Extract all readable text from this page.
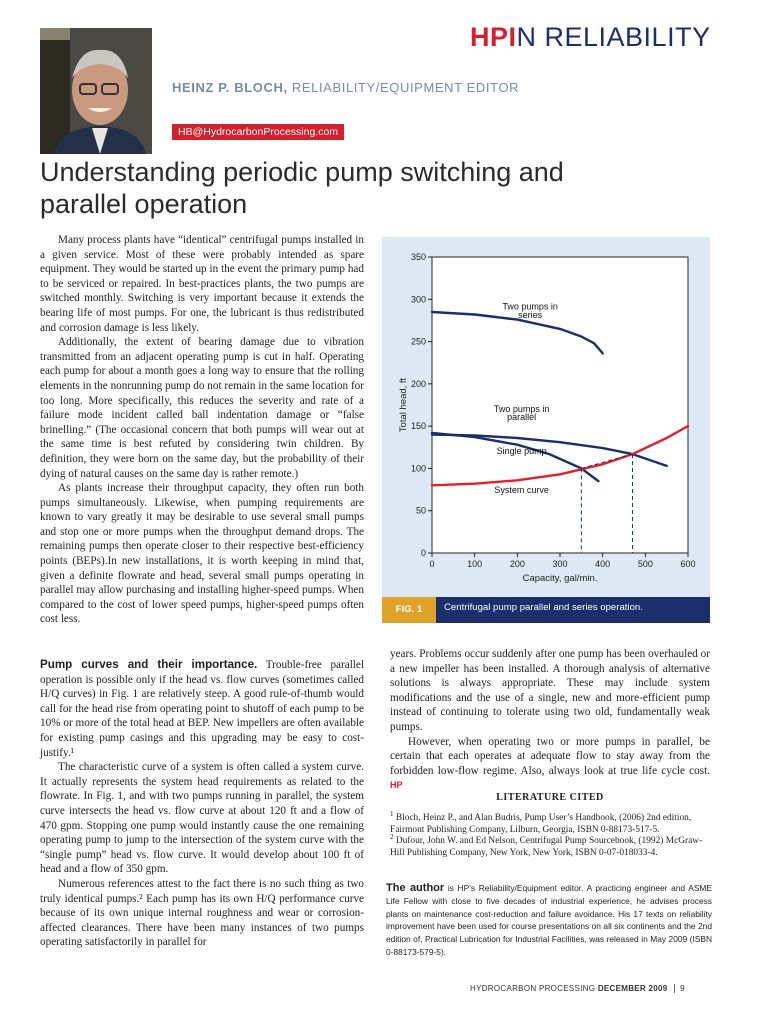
HPIN RELIABILITY
HEINZ P. BLOCH, RELIABILITY/EQUIPMENT EDITOR
HB@HydrocarbonProcessing.com
Understanding periodic pump switching and parallel operation

Many process plants have “identical” centrifugal pumps installed in a given service. Most of these were probably intended as spare equipment. They would be started up in the event the primary pump had to be serviced or repaired. In best-practices plants, the two pumps are switched monthly. Switching is very important because it extends the bearing life of most pumps. For one, the lubricant is thus redistributed and corrosion damage is less likely.

Additionally, the extent of bearing damage due to vibration transmitted from an adjacent operating pump is cut in half. Operating each pump for about a month goes a long way to ensure that the rolling elements in the nonrunning pump do not remain in the same location for too long. More specifically, this reduces the severity and rate of a failure mode incident called ball indentation damage or “false brinelling.” (The occasional concern that both pumps will wear out at the same time is best refuted by considering twin children. By definition, they were born on the same day, but the probability of their dying of natural causes on the same day is rather remote.)

As plants increase their throughput capacity, they often run both pumps simultaneously. Likewise, when pumping requirements are known to vary greatly it may be desirable to use several small pumps and stop one or more pumps when the throughput demand drops. The remaining pumps then operate closer to their respective best-efficiency points (BEPs).In new installations, it is worth keeping in mind that, given a definite flowrate and head, several small pumps operating in parallel may allow purchasing and installing higher-speed pumps. When compared to the cost of lower speed pumps, higher-speed pumps often cost less.

Pump curves and their importance. Trouble-free parallel operation is possible only if the head vs. flow curves (sometimes called H/Q curves) in Fig. 1 are relatively steep. A good rule-of-thumb would call for the head rise from operating point to shutoff of each pump to be 10% or more of the total head at BEP. New impellers are often available for existing pump casings and this upgrading may be easy to cost-justify.¹

The characteristic curve of a system is often called a system curve. It actually represents the system head requirements as related to the flowrate. In Fig. 1, and with two pumps running in parallel, the system curve intersects the head vs. flow curve at about 120 ft and a flow of 470 gpm. Stopping one pump would instantly cause the one remaining operating pump to jump to the intersection of the system curve with the “single pump” head vs. flow curve. It would develop about 100 ft of head and a flow of 350 gpm.

Numerous references attest to the fact there is no such thing as two truly identical pumps.² Each pump has its own H/Q performance curve because of its own unique internal roughness and wear or corrosion-affected clearances. There have been many instances of two pumps operating satisfactorily in parallel for

0	100	200	300	400	500	600
0
50
100
150
200
250
300
350
Capacity, gal/min.
Total head, ft
Two pumps in
series
Two pumps in
parallel
Single pump
System curve
FIG. 1	Centrifugal pump parallel and series operation.

years. Problems occur suddenly after one pump has been overhauled or a new impeller has been installed. A thorough analysis of alternative solutions is always appropriate. These may include system modifications and the use of a single, new and more-efficient pump instead of continuing to tolerate using two old, fundamentally weak pumps.

However, when operating two or more pumps in parallel, be certain that each operates at adequate flow to stay away from the forbidden low-flow regime. Also, always look at true life cycle cost. HP

LITERATURE CITED
$^1$ Bloch, Heinz P., and Alan Budris, Pump User’s Handbook, (2006) 2nd edition, Fairmont Publishing Company, Lilburn, Georgia, ISBN 0-88173-517-5.
$^2$ Dufour, John W. and Ed Nelson, Centrifugal Pump Sourcebook, (1992) McGraw-Hill Publishing Company, New York, New York, ISBN 0-07-018033-4.
The author is HP’s Reliability/Equipment editor. A practicing engineer and ASME Life Fellow with close to five decades of industrial experience, he advises process plants on maintenance cost-reduction and failure avoidance. His 17 texts on reliability improvement have been used for course presentations on all six continents and the 2nd edition of, Practical Lubrication for Industrial Facilities, was released in May 2009 (ISBN 0-88173-579-5).
HYDROCARBON PROCESSING DECEMBER 2009 9
